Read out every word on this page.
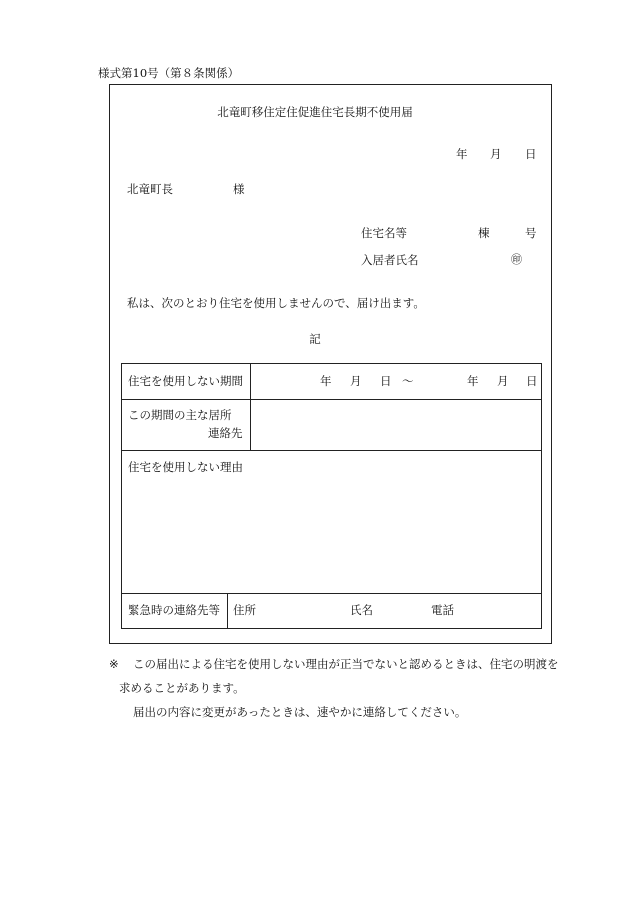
様式第10号（第８条関係）
北竜町移住定住促進住宅長期不使用届
年 月 日
北竜町長	様
住宅名等	棟	号
入居者氏名	㊞
私は、次のとおり住宅を使用しませんので、届け出ます。
記
住宅を使用しない期間	年 月 日 ～	年 月 日
この期間の主な居所
連絡先
住宅を使用しない理由
緊急時の連絡先等 住所	氏名	電話
※ この届出による住宅を使用しない理由が正当でないと認めるときは、住宅の明渡を
求めることがあります。
届出の内容に変更があったときは、速やかに連絡してください。
